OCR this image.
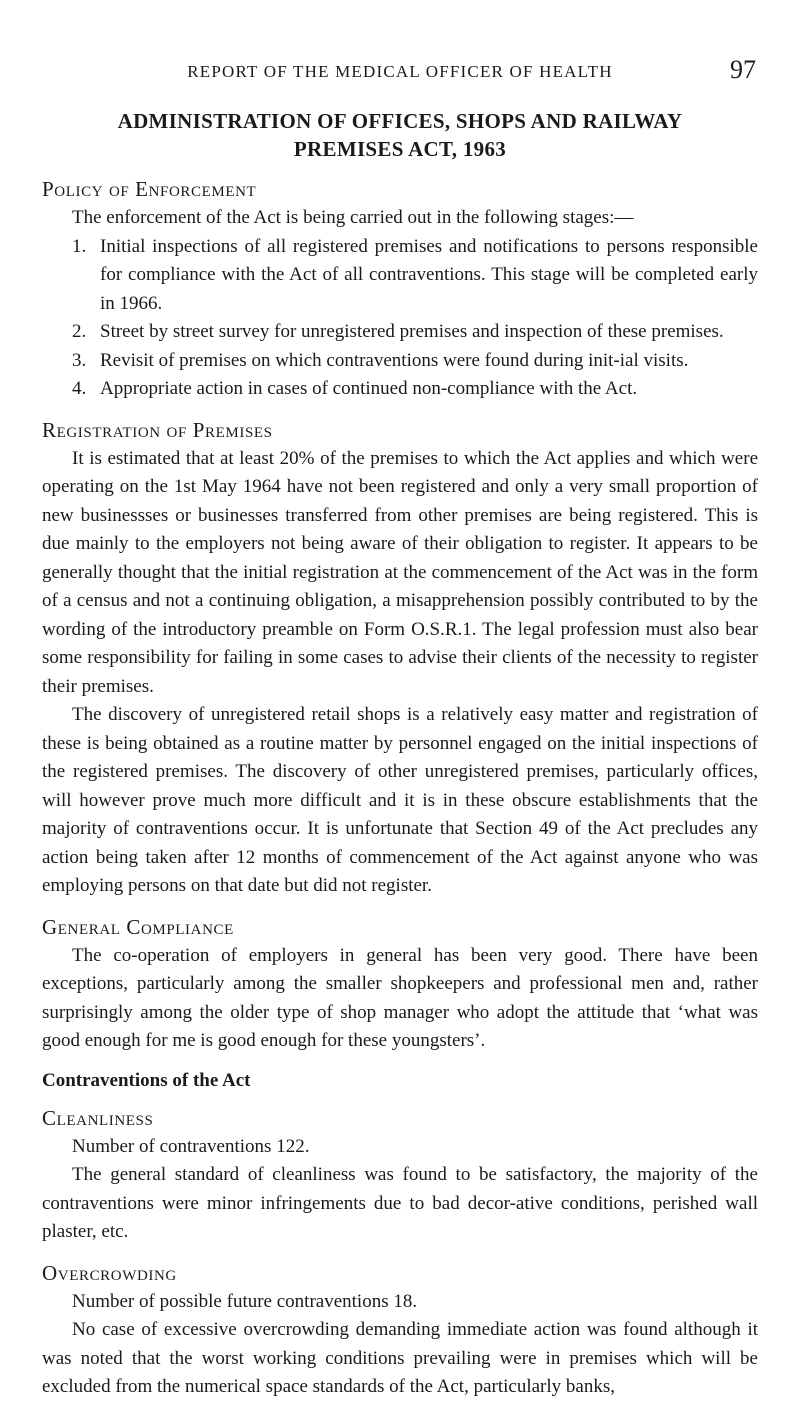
REPORT OF THE MEDICAL OFFICER OF HEALTH	97
ADMINISTRATION OF OFFICES, SHOPS AND RAILWAY
PREMISES ACT, 1963
Policy of Enforcement

The enforcement of the Act is being carried out in the following stages:—

1. Initial inspections of all registered premises and notifications to persons responsible for compliance with the Act of all contraventions. This stage will be completed early in 1966.
2. Street by street survey for unregistered premises and inspection of these premises.
3. Revisit of premises on which contraventions were found during init-ial visits.
4. Appropriate action in cases of continued non-compliance with the Act.
Registration of Premises

It is estimated that at least 20% of the premises to which the Act applies and which were operating on the 1st May 1964 have not been registered and only a very small proportion of new businessses or businesses transferred from other premises are being registered. This is due mainly to the employers not being aware of their obligation to register. It appears to be generally thought that the initial registration at the commencement of the Act was in the form of a census and not a continuing obligation, a misapprehension possibly contributed to by the wording of the introductory preamble on Form O.S.R.1. The legal profession must also bear some responsibility for failing in some cases to advise their clients of the necessity to register their premises.

The discovery of unregistered retail shops is a relatively easy matter and registration of these is being obtained as a routine matter by personnel engaged on the initial inspections of the registered premises. The discovery of other unregistered premises, particularly offices, will however prove much more difficult and it is in these obscure establishments that the majority of contraventions occur. It is unfortunate that Section 49 of the Act precludes any action being taken after 12 months of commencement of the Act against anyone who was employing persons on that date but did not register.

General Compliance

The co-operation of employers in general has been very good. There have been exceptions, particularly among the smaller shopkeepers and professional men and, rather surprisingly among the older type of shop manager who adopt the attitude that ‘what was good enough for me is good enough for these youngsters’.

Contraventions of the Act
Cleanliness

Number of contraventions 122.

The general standard of cleanliness was found to be satisfactory, the majority of the contraventions were minor infringements due to bad decor-ative conditions, perished wall plaster, etc.

Overcrowding

Number of possible future contraventions 18.

No case of excessive overcrowding demanding immediate action was found although it was noted that the worst working conditions prevailing were in premises which will be excluded from the numerical space standards of the Act, particularly banks,
